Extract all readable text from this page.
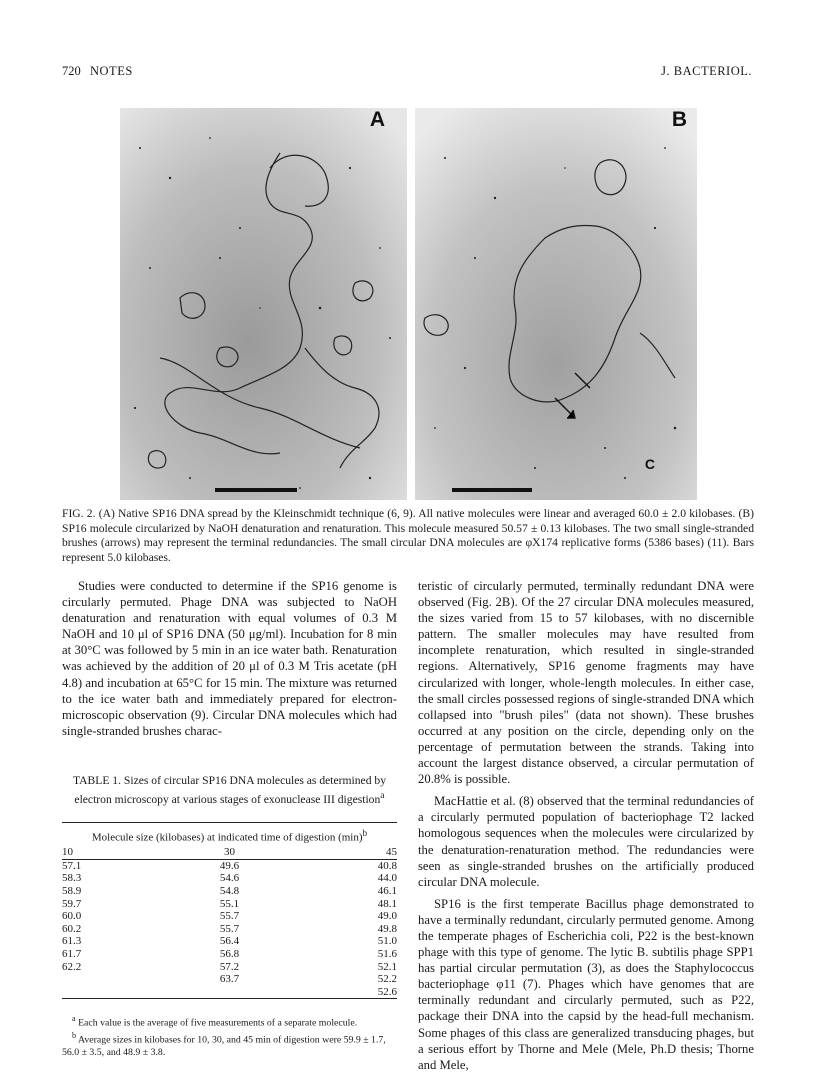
720 NOTES	J. BACTERIOL.
A	B
C
FIG. 2. (A) Native SP16 DNA spread by the Kleinschmidt technique (6, 9). All native molecules were linear and averaged 60.0 ± 2.0 kilobases. (B) SP16 molecule circularized by NaOH denaturation and renaturation. This molecule measured 50.57 ± 0.13 kilobases. The two small single-stranded brushes (arrows) may represent the terminal redundancies. The small circular DNA molecules are φX174 replicative forms (5386 bases) (11). Bars represent 5.0 kilobases.

Studies were conducted to determine if the SP16 genome is circularly permuted. Phage DNA was subjected to NaOH denaturation and renaturation with equal volumes of 0.3 M NaOH and 10 μl of SP16 DNA (50 μg/ml). Incubation for 8 min at 30°C was followed by 5 min in an ice water bath. Renaturation was achieved by the addition of 20 μl of 0.3 M Tris acetate (pH 4.8) and incubation at 65°C for 15 min. The mixture was returned to the ice water bath and immediately prepared for electron-microscopic observation (9). Circular DNA molecules which had single-stranded brushes charac-

TABLE 1. Sizes of circular SP16 DNA molecules as determined by electron microscopy at various stages of exonuclease III digestion$^a$
Molecule size (kilobases) at indicated time of digestion $(\min)^b$
10	30	45
57.1	49.6	40.8
58.3	54.6	44.0
58.9	54.8	46.1
59.7	55.1	48.1
60.0	55.7	49.0
60.2	55.7	49.8
61.3	56.4	51.0
61.7	56.8	51.6
62.2	57.2	52.1
	63.7	52.2
		52.6

$^a$ Each value is the average of five measurements of a separate molecule.

$^b$ Average sizes in kilobases for 10, 30, and 45 min of digestion were 59.9 ± 1.7, 56.0 ± 3.5, and 48.9 ± 3.8.

teristic of circularly permuted, terminally redundant DNA were observed (Fig. 2B). Of the 27 circular DNA molecules measured, the sizes varied from 15 to 57 kilobases, with no discernible pattern. The smaller molecules may have resulted from incomplete renaturation, which resulted in single-stranded regions. Alternatively, SP16 genome fragments may have circularized with longer, whole-length molecules. In either case, the small circles possessed regions of single-stranded DNA which collapsed into "brush piles" (data not shown). These brushes occurred at any position on the circle, depending only on the percentage of permutation between the strands. Taking into account the largest distance observed, a circular permutation of 20.8% is possible.

MacHattie et al. (8) observed that the terminal redundancies of a circularly permuted population of bacteriophage T2 lacked homologous sequences when the molecules were circularized by the denaturation-renaturation method. The redundancies were seen as single-stranded brushes on the artificially produced circular DNA molecule.

SP16 is the first temperate Bacillus phage demonstrated to have a terminally redundant, circularly permuted genome. Among the temperate phages of Escherichia coli, P22 is the best-known phage with this type of genome. The lytic B. subtilis phage SPP1 has partial circular permutation (3), as does the Staphylococcus bacteriophage φ11 (7). Phages which have genomes that are terminally redundant and circularly permuted, such as P22, package their DNA into the capsid by the head-full mechanism. Some phages of this class are generalized transducing phages, but a serious effort by Thorne and Mele (Mele, Ph.D thesis; Thorne and Mele,
